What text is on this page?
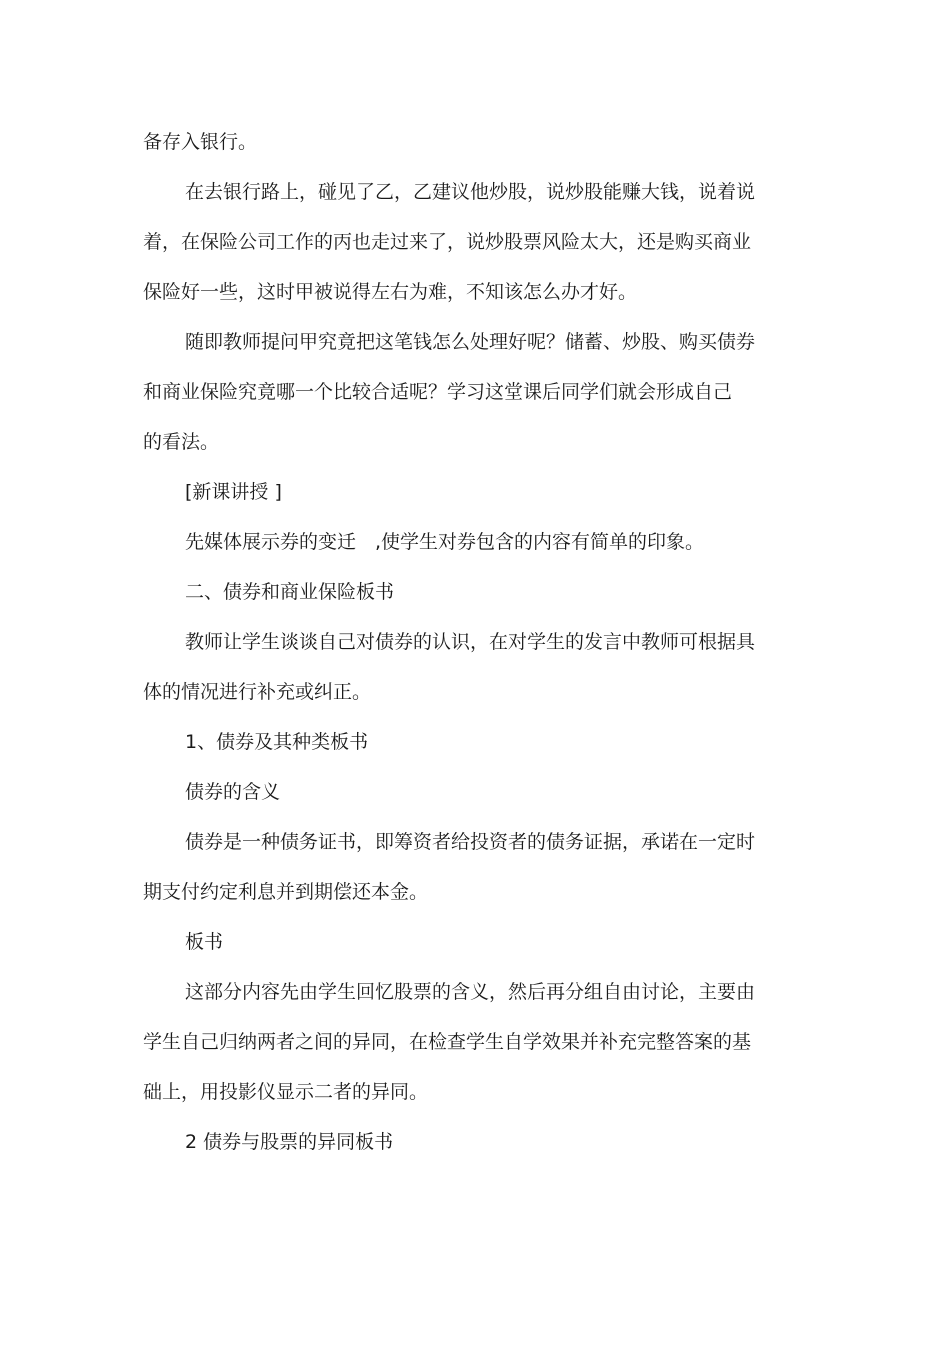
备存入银行。
在去银行路上，碰见了乙，乙建议他炒股，说炒股能赚大钱，说着说
着，在保险公司工作的丙也走过来了，说炒股票风险太大，还是购买商业
保险好一些，这时甲被说得左右为难，不知该怎么办才好。
随即教师提问甲究竟把这笔钱怎么处理好呢？储蓄、炒股、购买债券
和商业保险究竟哪一个比较合适呢？学习这堂课后同学们就会形成自己
的看法。
[新课讲授 ]
先媒体展示券的变迁　,使学生对券包含的内容有简单的印象。
二、债券和商业保险板书
教师让学生谈谈自己对债券的认识，在对学生的发言中教师可根据具
体的情况进行补充或纠正。
1、债券及其种类板书
债券的含义
债券是一种债务证书，即筹资者给投资者的债务证据，承诺在一定时
期支付约定利息并到期偿还本金。
板书
这部分内容先由学生回忆股票的含义，然后再分组自由讨论，主要由
学生自己归纳两者之间的异同，在检查学生自学效果并补充完整答案的基
础上，用投影仪显示二者的异同。
2 债券与股票的异同板书
